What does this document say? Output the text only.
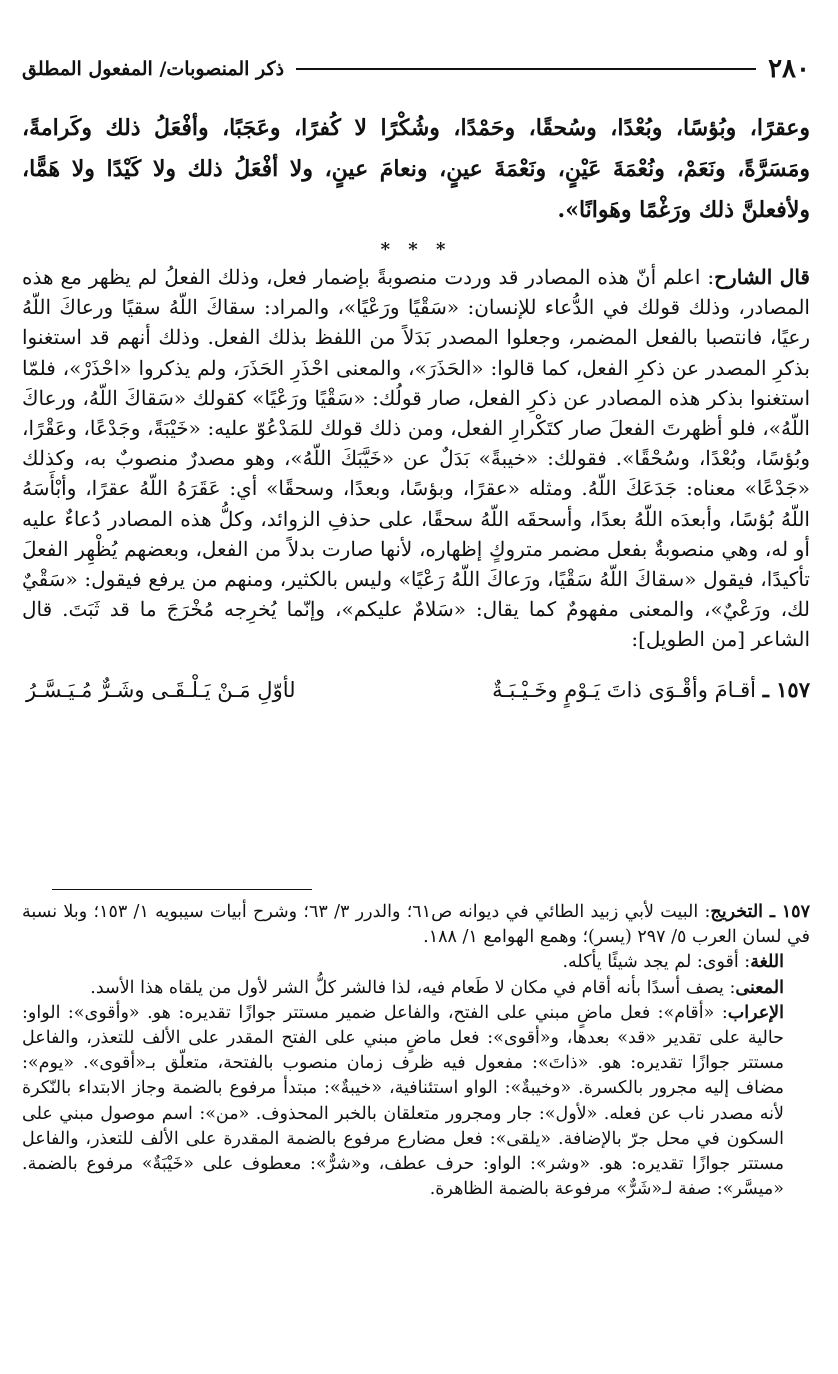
٢٨٠
ذكر المنصوبات/ المفعول المطلق
وعقرًا، وبُؤسًا، وبُعْدًا، وسُحقًا، وحَمْدًا، وشُكْرًا لا كُفرًا، وعَجَبًا، وأفْعَلُ ذلك وكَرامةً، ومَسَرَّةً، ونَعَمْ، ونُعْمَةَ عَيْنٍ، ونَعْمَةَ عينٍ، ونعامَ عينٍ، ولا أفْعَلُ ذلك ولا كَيْدًا ولا هَمًّا، ولأفعلنَّ ذلك ورَغْمًا وهَوانًا».
* * *

قال الشارح: اعلم أنّ هذه المصادر قد وردت منصوبةً بإضمار فعل، وذلك الفعلُ لم يظهر مع هذه المصادر، وذلك قولك في الدُّعاء للإنسان: «سَقْيًا ورَعْيًا»، والمراد: سقاكَ اللّهُ سقيًا ورعاكَ اللّهُ رعيًا، فانتصبا بالفعل المضمر، وجعلوا المصدر بَدَلاً من اللفظ بذلك الفعل. وذلك أنهم قد استغنوا بذكرِ المصدر عن ذكرِ الفعل، كما قالوا: «الحَذَرَ»، والمعنى احْذَرِ الحَذَرَ، ولم يذكروا «احْذَرْ»، فلمّا استغنوا بذكر هذه المصادر عن ذكرِ الفعل، صار قولُك: «سَقْيًا ورَعْيًا» كقولك «سَقاكَ اللّهُ، ورعاكَ اللّهُ»، فلو أظهرتَ الفعلَ صار كتَكْرارِ الفعل، ومن ذلك قولك للمَدْعُوّ عليه: «خَيْبَةً، وجَدْعًا، وعَقْرًا، وبُؤسًا، وبُعْدًا، وسُحْقًا». فقولك: «خيبةً» بَدَلٌ عن «خَيَّبَكَ اللّهُ»، وهو مصدرٌ منصوبٌ به، وكذلك «جَدْعًا» معناه: جَدَعَكَ اللّهُ. ومثله «عقرًا، وبؤسًا، وبعدًا، وسحقًا» أي: عَقَرَهُ اللّهُ عقرًا، وأبْأَسَهُ اللّهُ بُؤسًا، وأبعدَه اللّهُ بعدًا، وأسحقَه اللّهُ سحقًا، على حذفِ الزوائد، وكلُّ هذه المصادر دُعاءٌ عليه أو له، وهي منصوبةٌ بفعل مضمر متروكٍ إظهاره، لأنها صارت بدلاً من الفعل، وبعضهم يُظْهِر الفعلَ تأكيدًا، فيقول «سقاكَ اللّهُ سَقْيًا، ورَعاكَ اللّهُ رَعْيًا» وليس بالكثير، ومنهم من يرفع فيقول: «سَقْيٌ لك، ورَعْيٌ»، والمعنى مفهومٌ كما يقال: «سَلامٌ عليكم»، وإنّما يُخرِجه مُخْرَجَ ما قد ثَبَتَ. قال الشاعر [من الطويل]:

١٥٧ ـ أقـامَ وأقْـوَى ذاتَ يَـوْمٍ وخَـيْـبَـةٌ
لأوّلِ مَـنْ يَـلْـقَـى وشَـرٌّ مُـيَـسَّـرُ

١٥٧ ـ التخريج: البيت لأبي زبيد الطائي في ديوانه ص٦١؛ والدرر ٣/ ٦٣؛ وشرح أبيات سيبويه ١/ ١٥٣؛ وبلا نسبة في لسان العرب ٥/ ٢٩٧ (يسر)؛ وهمع الهوامع ١/ ١٨٨.

اللغة: أقوى: لم يجد شيئًا يأكله.

المعنى: يصف أسدًا بأنه أقام في مكان لا طَعام فيه، لذا فالشر كلُّ الشر لأول من يلقاه هذا الأسد.

الإعراب: «أقام»: فعل ماضٍ مبني على الفتح، والفاعل ضمير مستتر جوازًا تقديره: هو. «وأقوى»: الواو: حالية على تقدير «قد» بعدها، و«أقوى»: فعل ماضٍ مبني على الفتح المقدر على الألف للتعذر، والفاعل مستتر جوازًا تقديره: هو. «ذاتَ»: مفعول فيه ظرف زمان منصوب بالفتحة، متعلّق بـ«أقوى». «يوم»: مضاف إليه مجرور بالكسرة. «وخيبةٌ»: الواو استئنافية، «خيبةٌ»: مبتدأ مرفوع بالضمة وجاز الابتداء بالنّكرة لأنه مصدر ناب عن فعله. «لأول»: جار ومجرور متعلقان بالخبر المحذوف. «من»: اسم موصول مبني على السكون في محل جرّ بالإضافة. «يلقى»: فعل مضارع مرفوع بالضمة المقدرة على الألف للتعذر، والفاعل مستتر جوازًا تقديره: هو. «وشر»: الواو: حرف عطف، و«شرٌّ»: معطوف على «خَيْبَةٌ» مرفوع بالضمة. «ميسَّر»: صفة لـ«شَرٌّ» مرفوعة بالضمة الظاهرة.
